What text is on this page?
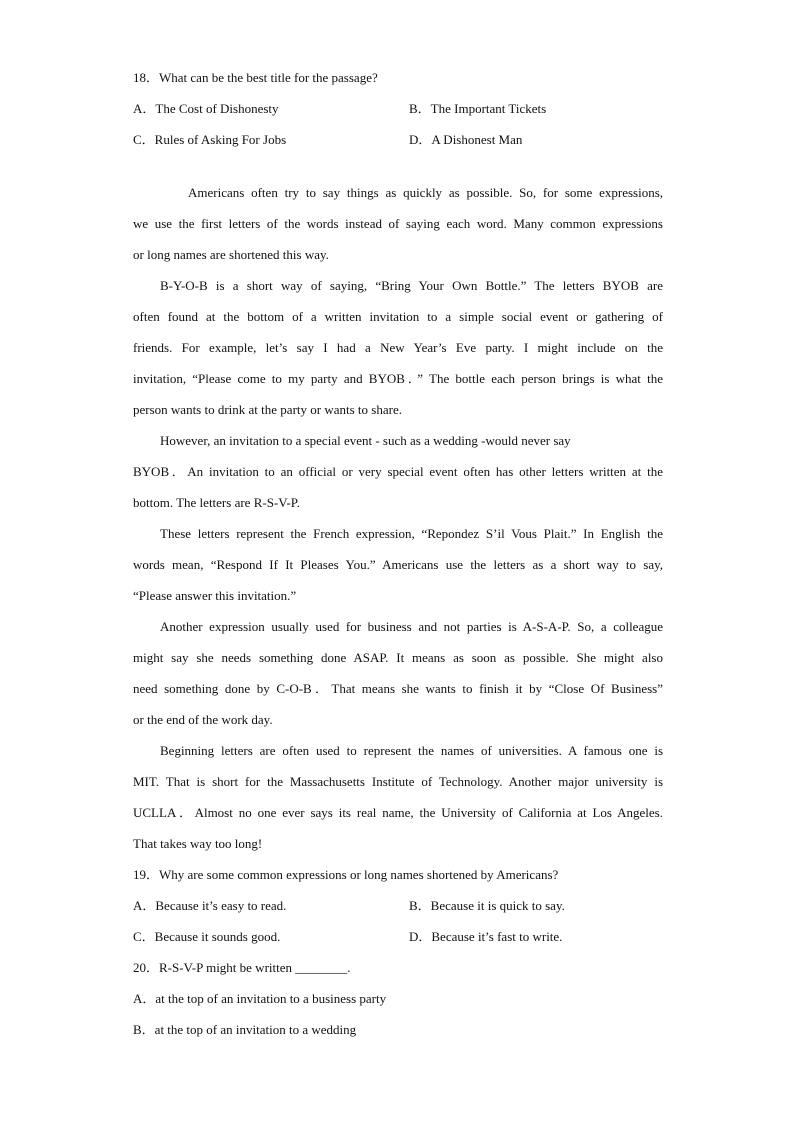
18．What can be the best title for the passage?
A．The Cost of Dishonesty	B．The Important Tickets
C．Rules of Asking For Jobs	D．A Dishonest Man
Americans often try to say things as quickly as possible. So, for some expressions,
we use the first letters of the words instead of saying each word. Many common expressions
or long names are shortened this way.
B-Y-O-B is a short way of saying, “Bring Your Own Bottle.” The letters BYOB are
often found at the bottom of a written invitation to a simple social event or gathering of
friends. For example, let’s say I had a New Year’s Eve party. I might include on the
invitation, “Please come to my party and BYOB．” The bottle each person brings is what the
person wants to drink at the party or wants to share.
However, an invitation to a special event - such as a wedding -would never say
BYOB．An invitation to an official or very special event often has other letters written at the
bottom. The letters are R-S-V-P.
These letters represent the French expression, “Repondez S’il Vous Plait.” In English the
words mean, “Respond If It Pleases You.” Americans use the letters as a short way to say,
“Please answer this invitation.”
Another expression usually used for business and not parties is A-S-A-P. So, a colleague
might say she needs something done ASAP. It means as soon as possible. She might also
need something done by C-O-B．That means she wants to finish it by “Close Of Business”
or the end of the work day.
Beginning letters are often used to represent the names of universities. A famous one is
MIT. That is short for the Massachusetts Institute of Technology. Another major university is
UCLLA．Almost no one ever says its real name, the University of California at Los Angeles.
That takes way too long!
19．Why are some common expressions or long names shortened by Americans?
A．Because it’s easy to read.	B．Because it is quick to say.
C．Because it sounds good.	D．Because it’s fast to write.
20．R-S-V-P might be written ________.
A．at the top of an invitation to a business party
B．at the top of an invitation to a wedding
